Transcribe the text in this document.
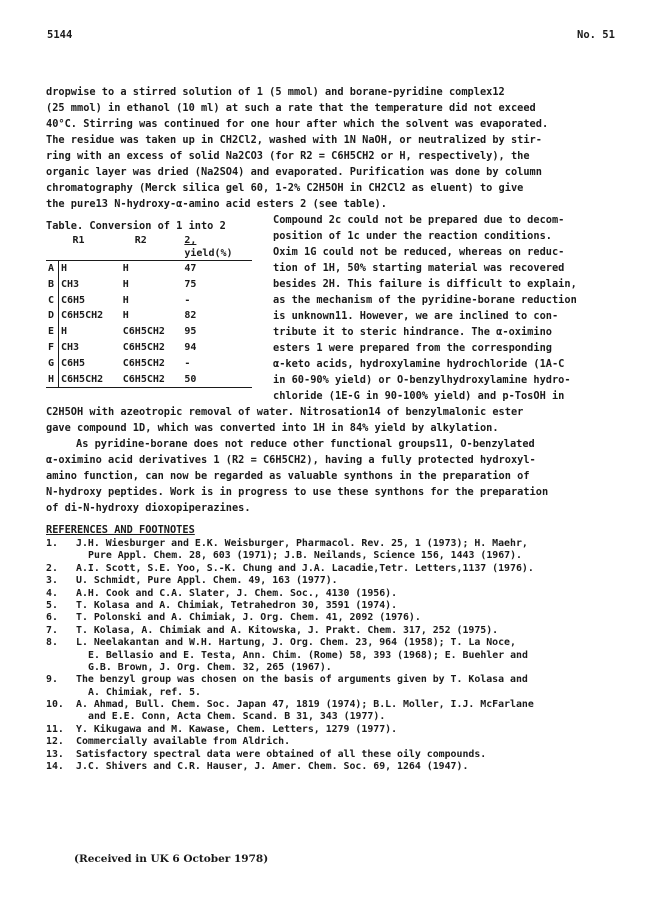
5144	No. 51
dropwise to a stirred solution of 1 (5 mmol) and borane-pyridine complex12
(25 mmol) in ethanol (10 ml) at such a rate that the temperature did not exceed
40°C. Stirring was continued for one hour after which the solvent was evaporated.
The residue was taken up in CH2Cl2, washed with 1N NaOH, or neutralized by stir-
ring with an excess of solid Na2CO3 (for R2 = C6H5CH2 or H, respectively), the
organic layer was dried (Na2SO4) and evaporated. Purification was done by column
chromatography (Merck silica gel 60, 1-2% C2H5OH in CH2Cl2 as eluent) to give
the pure13 N-hydroxy-α-amino acid esters 2 (see table).
Table. Conversion of 1 into 2
	R1	R2	2,
			yield(%)
A	H	H	47
B	CH3	H	75
C	C6H5	H	-
D	C6H5CH2	H	82
E	H	C6H5CH2	95
F	CH3	C6H5CH2	94
G	C6H5	C6H5CH2	-
H	C6H5CH2	C6H5CH2	50
Compound 2c could not be prepared due to decom-
position of 1c under the reaction conditions.
Oxim 1G could not be reduced, whereas on reduc-
tion of 1H, 50% starting material was recovered
besides 2H. This failure is difficult to explain,
as the mechanism of the pyridine-borane reduction
is unknown11. However, we are inclined to con-
tribute it to steric hindrance. The α-oximino
esters 1 were prepared from the corresponding
α-keto acids, hydroxylamine hydrochloride (1A-C
in 60-90% yield) or O-benzylhydroxylamine hydro-
chloride (1E-G in 90-100% yield) and p-TosOH in
C2H5OH with azeotropic removal of water. Nitrosation14 of benzylmalonic ester
gave compound 1D, which was converted into 1H in 84% yield by alkylation.
As pyridine-borane does not reduce other functional groups11, O-benzylated
α-oximino acid derivatives 1 (R2 = C6H5CH2), having a fully protected hydroxyl-
amino function, can now be regarded as valuable synthons in the preparation of
N-hydroxy peptides. Work is in progress to use these synthons for the preparation
of di-N-hydroxy dioxopiperazines.
REFERENCES AND FOOTNOTES
1.	J.H. Wiesburger and E.K. Weisburger, Pharmacol. Rev. 25, 1 (1973); H. Maehr,
Pure Appl. Chem. 28, 603 (1971); J.B. Neilands, Science 156, 1443 (1967).
2.	A.I. Scott, S.E. Yoo, S.-K. Chung and J.A. Lacadie,Tetr. Letters,1137 (1976).
3.	U. Schmidt, Pure Appl. Chem. 49, 163 (1977).
4.	A.H. Cook and C.A. Slater, J. Chem. Soc., 4130 (1956).
5.	T. Kolasa and A. Chimiak, Tetrahedron 30, 3591 (1974).
6.	T. Polonski and A. Chimiak, J. Org. Chem. 41, 2092 (1976).
7.	T. Kolasa, A. Chimiak and A. Kitowska, J. Prakt. Chem. 317, 252 (1975).
8.	L. Neelakantan and W.H. Hartung, J. Org. Chem. 23, 964 (1958); T. La Noce,
E. Bellasio and E. Testa, Ann. Chim. (Rome) 58, 393 (1968); E. Buehler and
G.B. Brown, J. Org. Chem. 32, 265 (1967).
9.	The benzyl group was chosen on the basis of arguments given by T. Kolasa and
A. Chimiak, ref. 5.
10.	A. Ahmad, Bull. Chem. Soc. Japan 47, 1819 (1974); B.L. Moller, I.J. McFarlane
and E.E. Conn, Acta Chem. Scand. B 31, 343 (1977).
11.	Y. Kikugawa and M. Kawase, Chem. Letters, 1279 (1977).
12.	Commercially available from Aldrich.
13.	Satisfactory spectral data were obtained of all these oily compounds.
14.	J.C. Shivers and C.R. Hauser, J. Amer. Chem. Soc. 69, 1264 (1947).
(Received in UK 6 October 1978)
